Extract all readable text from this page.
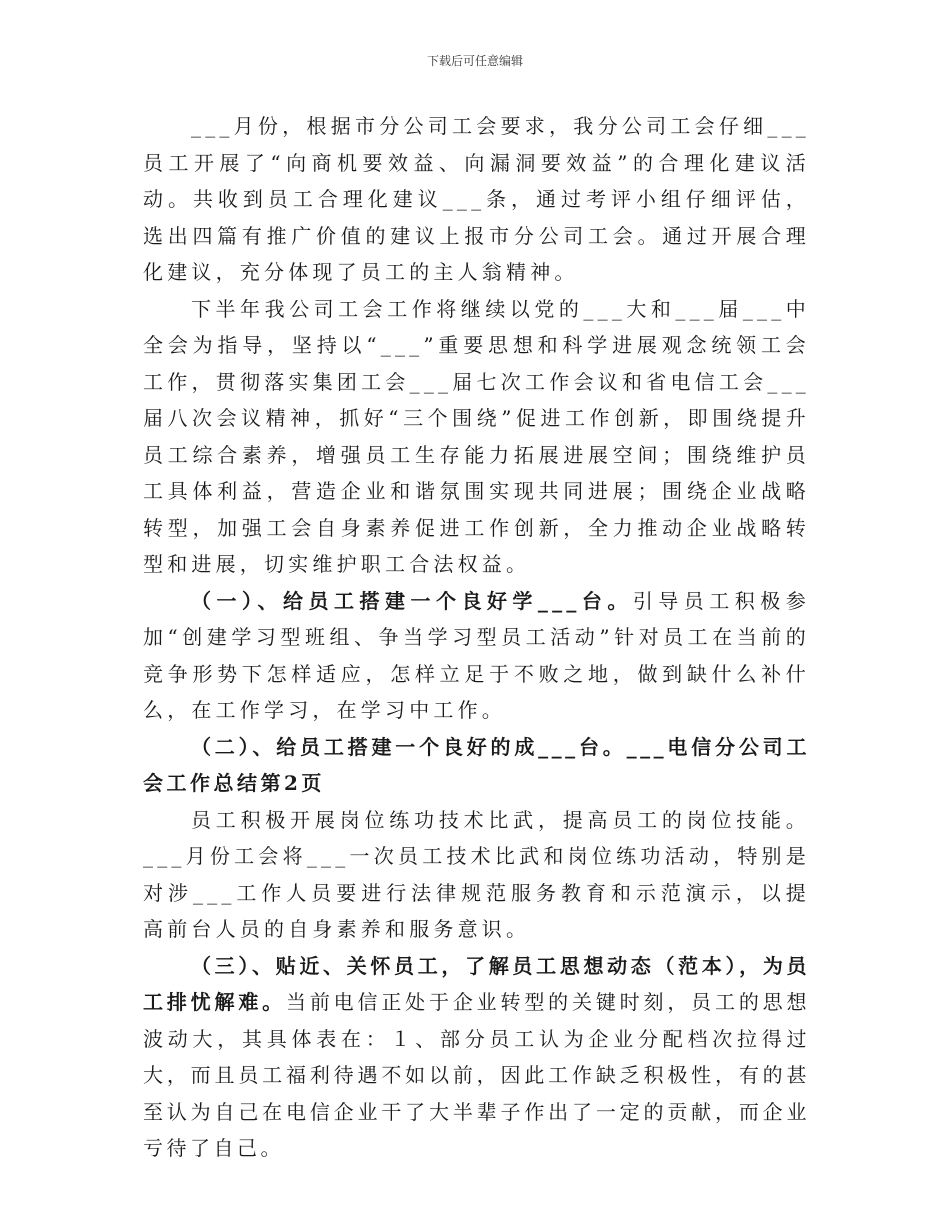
下载后可任意编辑

___月份，根据市分公司工会要求，我分公司工会仔细___员工开展了“向商机要效益、向漏洞要效益”的合理化建议活动。共收到员工合理化建议___条，通过考评小组仔细评估，选出四篇有推广价值的建议上报市分公司工会。通过开展合理化建议，充分体现了员工的主人翁精神。

下半年我公司工会工作将继续以党的___大和___届___中全会为指导，坚持以“___”重要思想和科学进展观念统领工会工作，贯彻落实集团工会___届七次工作会议和省电信工会___届八次会议精神，抓好“三个围绕”促进工作创新，即围绕提升员工综合素养，增强员工生存能力拓展进展空间；围绕维护员工具体利益，营造企业和谐氛围实现共同进展；围绕企业战略转型，加强工会自身素养促进工作创新，全力推动企业战略转型和进展，切实维护职工合法权益。

（一）、给员工搭建一个良好学___台。引导员工积极参加“创建学习型班组、争当学习型员工活动”针对员工在当前的竞争形势下怎样适应，怎样立足于不败之地，做到缺什么补什么，在工作学习，在学习中工作。

（二）、给员工搭建一个良好的成___台。___电信分公司工会工作总结第2页

员工积极开展岗位练功技术比武，提高员工的岗位技能。___月份工会将___一次员工技术比武和岗位练功活动，特别是对涉___工作人员要进行法律规范服务教育和示范演示，以提高前台人员的自身素养和服务意识。

（三）、贴近、关怀员工，了解员工思想动态（范本），为员工排忧解难。当前电信正处于企业转型的关键时刻，员工的思想波动大，其具体表在：１、部分员工认为企业分配档次拉得过大，而且员工福利待遇不如以前，因此工作缺乏积极性，有的甚至认为自己在电信企业干了大半辈子作出了一定的贡献，而企业亏待了自己。
